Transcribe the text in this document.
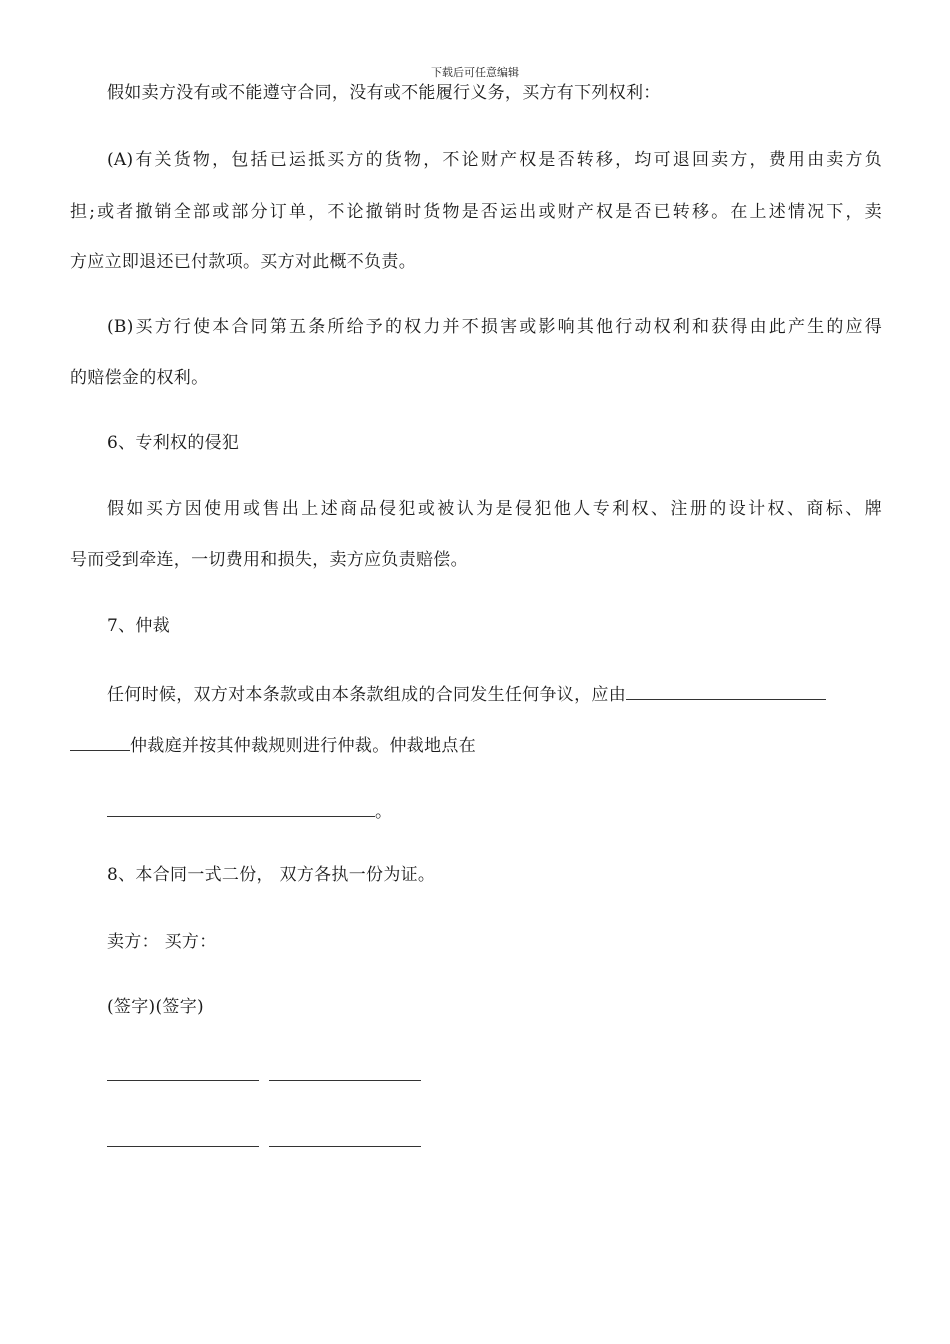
下载后可任意编辑
假如卖方没有或不能遵守合同，没有或不能履行义务，买方有下列权利：
(A)有关货物，包括已运抵买方的货物，不论财产权是否转移，均可退回卖方，费用由卖方负
担;或者撤销全部或部分订单，不论撤销时货物是否运出或财产权是否已转移。在上述情况下，卖
方应立即退还已付款项。买方对此概不负责。
(B)买方行使本合同第五条所给予的权力并不损害或影响其他行动权利和获得由此产生的应得
的赔偿金的权利。
6、专利权的侵犯
假如买方因使用或售出上述商品侵犯或被认为是侵犯他人专利权、注册的设计权、商标、牌
号而受到牵连，一切费用和损失，卖方应负责赔偿。
7、仲裁
任何时候，双方对本条款或由本条款组成的合同发生任何争议，应由
仲裁庭并按其仲裁规则进行仲裁。仲裁地点在
。
8、本合同一式二份， 双方各执一份为证。
卖方： 买方：
(签字)(签字)
